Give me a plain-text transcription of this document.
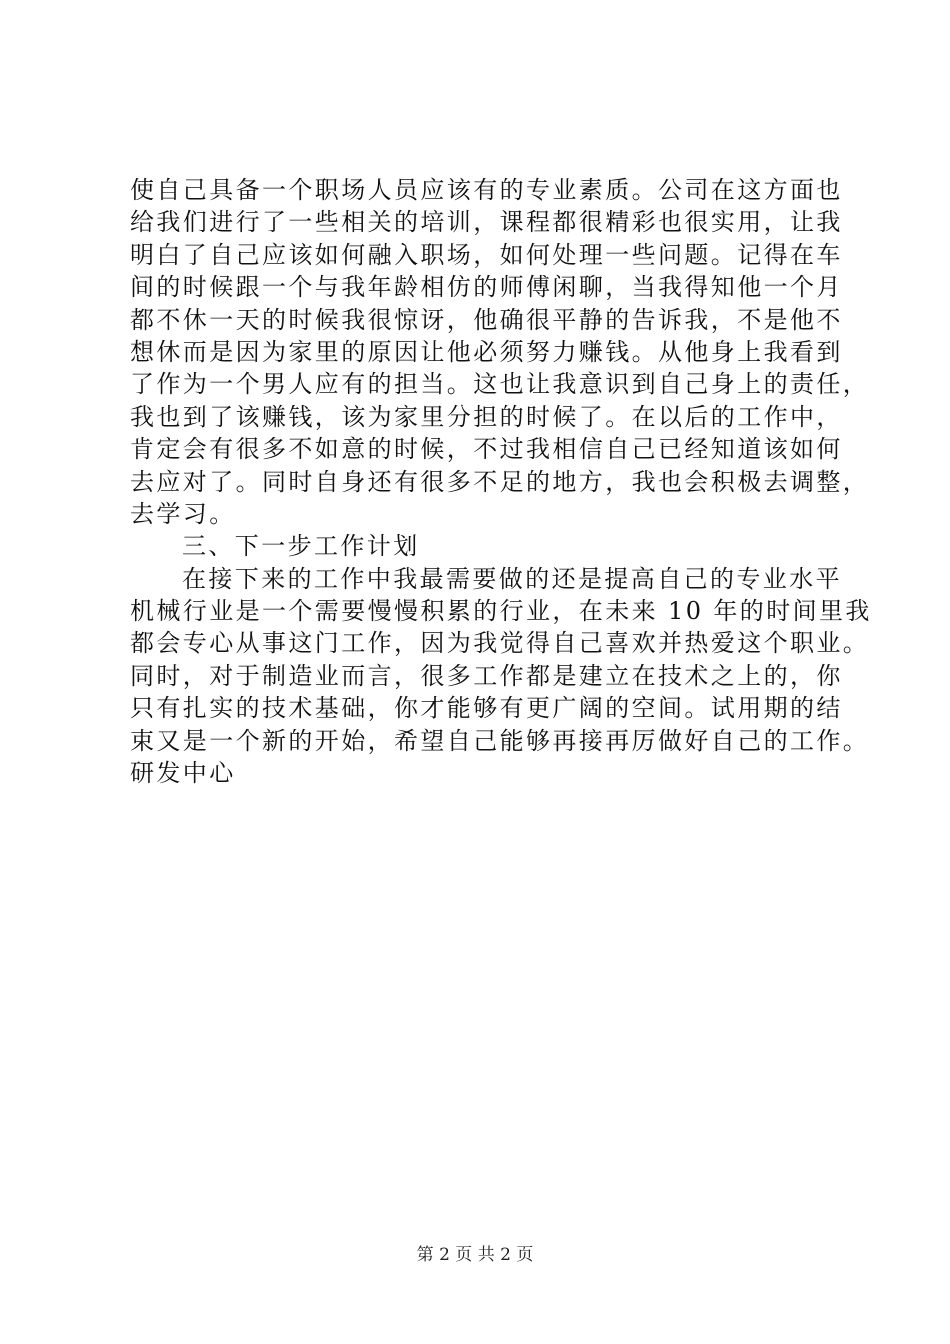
使自己具备一个职场人员应该有的专业素质。公司在这方面也
给我们进行了一些相关的培训，课程都很精彩也很实用，让我
明白了自己应该如何融入职场，如何处理一些问题。记得在车
间的时候跟一个与我年龄相仿的师傅闲聊，当我得知他一个月
都不休一天的时候我很惊讶，他确很平静的告诉我，不是他不
想休而是因为家里的原因让他必须努力赚钱。从他身上我看到
了作为一个男人应有的担当。这也让我意识到自己身上的责任，
我也到了该赚钱，该为家里分担的时候了。在以后的工作中，
肯定会有很多不如意的时候，不过我相信自己已经知道该如何
去应对了。同时自身还有很多不足的地方，我也会积极去调整，
去学习。
三、下一步工作计划
在接下来的工作中我最需要做的还是提高自己的专业水平
机械行业是一个需要慢慢积累的行业，在未来 10 年的时间里我
都会专心从事这门工作，因为我觉得自己喜欢并热爱这个职业。
同时，对于制造业而言，很多工作都是建立在技术之上的，你
只有扎实的技术基础，你才能够有更广阔的空间。试用期的结
束又是一个新的开始，希望自己能够再接再厉做好自己的工作。
研发中心
第 2 页 共 2 页
